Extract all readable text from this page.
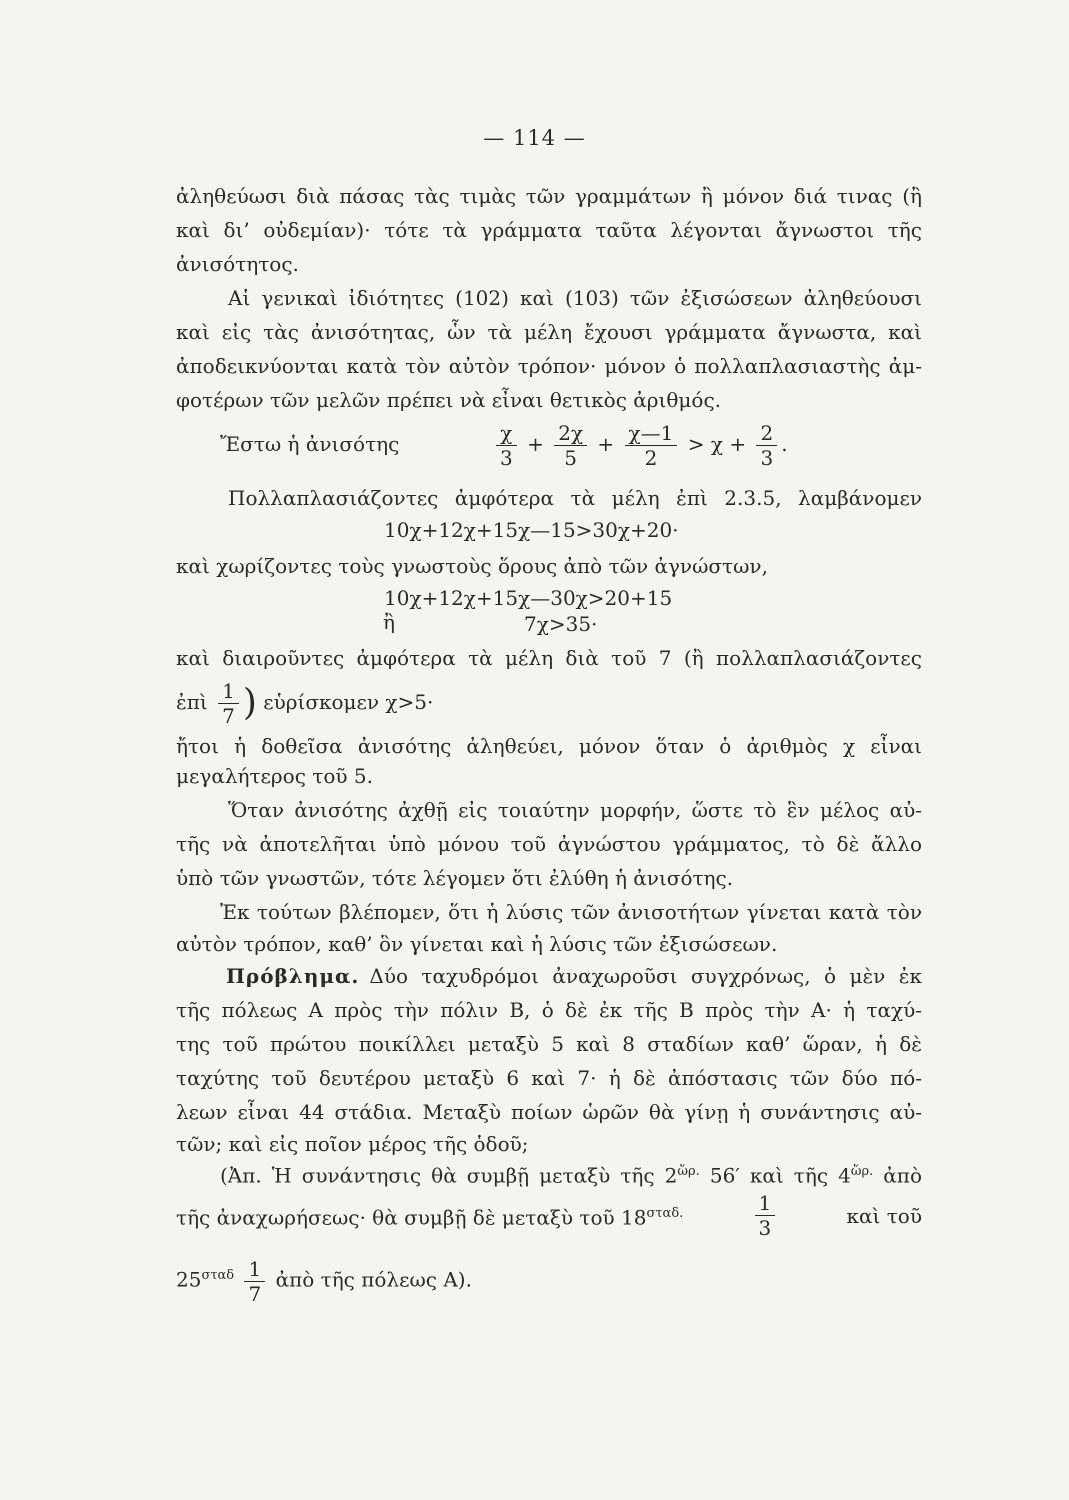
— 114 —
ἀληθεύωσι διὰ πάσας τὰς τιμὰς τῶν γραμμάτων ἢ μόνον διά τινας (ἢ
καὶ δι’ οὐδεμίαν)· τότε τὰ γράμματα ταῦτα λέγονται ἄγνωστοι τῆς
ἀνισότητος.
Αἱ γενικαὶ ἰδιότητες (102) καὶ (103) τῶν ἐξισώσεων ἀληθεύουσι
καὶ εἰς τὰς ἀνισότητας, ὧν τὰ μέλη ἔχουσι γράμματα ἄγνωστα, καὶ
ἀποδεικνύονται κατὰ τὸν αὐτὸν τρόπον· μόνον ὁ πολλαπλασιαστὴς ἀμ-
φοτέρων τῶν μελῶν πρέπει νὰ εἶναι θετικὸς ἀριθμός.
Ἔστω ἡ ἀνισότης	$\frac{\chi}{3} + \frac{2\chi}{5} + \frac{\chi—1}{2} > \chi + \frac{2}{3}$ .
Πολλαπλασιάζοντες ἀμφότερα τὰ μέλη ἐπὶ 2.3.5, λαμβάνομεν
10χ+12χ+15χ—15>30χ+20·
καὶ χωρίζοντες τοὺς γνωστοὺς ὅρους ἀπὸ τῶν ἀγνώστων,
10χ+12χ+15χ—30χ>20+15
ἢ	7χ>35·
καὶ διαιροῦντες ἀμφότερα τὰ μέλη διὰ τοῦ 7 (ἢ πολλαπλασιάζοντες
ἐπὶ $\frac{1}{7}$ ) εὑρίσκομεν χ>5·
ἤτοι ἡ δοθεῖσα ἀνισότης ἀληθεύει, μόνον ὅταν ὁ ἀριθμὸς χ εἶναι
μεγαλήτερος τοῦ 5.
Ὅταν ἀνισότης ἀχθῇ εἰς τοιαύτην μορφήν, ὥστε τὸ ἓν μέλος αὐ-
τῆς νὰ ἀποτελῆται ὑπὸ μόνου τοῦ ἀγνώστου γράμματος, τὸ δὲ ἄλλο
ὑπὸ τῶν γνωστῶν, τότε λέγομεν ὅτι ἐλύθη ἡ ἀνισότης.
Ἐκ τούτων βλέπομεν, ὅτι ἡ λύσις τῶν ἀνισοτήτων γίνεται κατὰ τὸν
αὐτὸν τρόπον, καθ’ ὃν γίνεται καὶ ἡ λύσις τῶν ἐξισώσεων.
Πρόβλημα. Δύο ταχυδρόμοι ἀναχωροῦσι συγχρόνως, ὁ μὲν ἐκ
τῆς πόλεως Α πρὸς τὴν πόλιν Β, ὁ δὲ ἐκ τῆς Β πρὸς τὴν Α· ἡ ταχύ-
της τοῦ πρώτου ποικίλλει μεταξὺ 5 καὶ 8 σταδίων καθ’ ὥραν, ἡ δὲ
ταχύτης τοῦ δευτέρου μεταξὺ 6 καὶ 7· ἡ δὲ ἀπόστασις τῶν δύο πό-
λεων εἶναι 44 στάδια. Μεταξὺ ποίων ὡρῶν θὰ γίνῃ ἡ συνάντησις αὐ-
τῶν; καὶ εἰς ποῖον μέρος τῆς ὁδοῦ;
(Ἀπ. Ἡ συνάντησις θὰ συμβῇ μεταξὺ τῆς $2^{ὥ\rho.}$ 56′ καὶ τῆς $4^{ὥ\rho.}$ ἀπὸ
τῆς ἀναχωρήσεως· θὰ συμβῇ δὲ μεταξὺ τοῦ $18^{\sigma\tau\alpha\delta.}$	$\frac{1}{3}$	καὶ τοῦ
$25^{\sigma\tau\alpha\delta} \frac{1}{7}$ ἀπὸ τῆς πόλεως Α).
